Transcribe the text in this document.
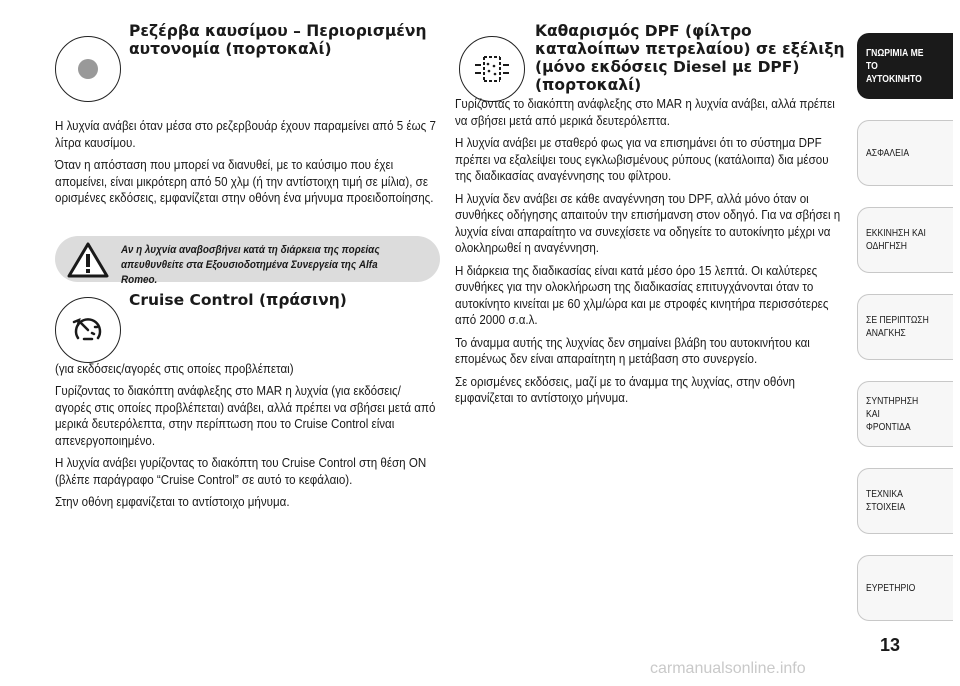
Ρεζέρβα καυσίμου – Περιορισμένη αυτονομία (πορτοκαλί)

Η λυχνία ανάβει όταν μέσα στο ρεζερβουάρ έχουν παραμείνει από 5 έως 7 λίτρα καυσίμου.

Όταν η απόσταση που μπορεί να διανυθεί, με το καύσιμο που έχει απομείνει, είναι μικρότερη από 50 χλμ (ή την αντίστοιχη τιμή σε μίλια), σε ορισμένες εκδόσεις, εμφανίζεται στην οθόνη ένα μήνυμα προειδοποίησης.

Cruise Control (πράσινη)

(για εκδόσεις/αγορές στις οποίες προβλέπεται)

Γυρίζοντας το διακόπτη ανάφλεξης στο MAR η λυχνία (για εκδόσεις/ αγορές στις οποίες προβλέπεται) ανάβει, αλλά πρέπει να σβήσει μετά από μερικά δευτερόλεπτα, στην περίπτωση που το Cruise Control είναι απενεργοποιημένο.

Η λυχνία ανάβει γυρίζοντας το διακόπτη του Cruise Control στη θέση ON (βλέπε παράγραφο “Cruise Control” σε αυτό το κεφάλαιο).

Στην οθόνη εμφανίζεται το αντίστοιχο μήνυμα.

Αν η λυχνία αναβοσβήνει κατά τη διάρκεια της πορείας απευθυνθείτε στα Εξουσιοδοτημένα Συνεργεία της Alfa Romeo.
Καθαρισμός DPF (φίλτρο καταλοίπων πετρελαίου) σε εξέλιξη (μόνο εκδόσεις Diesel με DPF) (πορτοκαλί)

Γυρίζοντας το διακόπτη ανάφλεξης στο MAR η λυχνία ανάβει, αλλά πρέπει να σβήσει μετά από μερικά δευτερόλεπτα.

Η λυχνία ανάβει με σταθερό φως για να επισημάνει ότι το σύστημα DPF πρέπει να εξαλείψει τους εγκλωβισμένους ρύπους (κατάλοιπα) δια μέσου της διαδικασίας αναγέννησης του φίλτρου.

Η λυχνία δεν ανάβει σε κάθε αναγέννηση του DPF, αλλά μόνο όταν οι συνθήκες οδήγησης απαιτούν την επισήμανση στον οδηγό. Για να σβήσει η λυχνία είναι απαραίτητο να συνεχίσετε να οδηγείτε το αυτοκίνητο μέχρι να ολοκληρωθεί η αναγέννηση.

Η διάρκεια της διαδικασίας είναι κατά μέσο όρο 15 λεπτά. Οι καλύτερες συνθήκες για την ολοκλήρωση της διαδικασίας επιτυγχάνονται όταν το αυτοκίνητο κινείται με 60 χλμ/ώρα και με στροφές κινητήρα περισσότερες από 2000 σ.α.λ.

Το άναμμα αυτής της λυχνίας δεν σημαίνει βλάβη του αυτοκινήτου και επομένως δεν είναι απαραίτητη η μετάβαση στο συνεργείο.

Σε ορισμένες εκδόσεις, μαζί με το άναμμα της λυχνίας, στην οθόνη εμφανίζεται το αντίστοιχο μήνυμα.

ΓΝΩΡΙΜΙΑ ΜΕ ΤΟ
ΑΥΤΟΚΙΝΗΤΟ
ΑΣΦΑΛΕΙΑ
ΕΚΚΙΝΗΣΗ ΚΑΙ
ΟΔΗΓΗΣΗ
ΣΕ ΠΕΡΙΠΤΩΣΗ
ΑΝΑΓΚΗΣ
ΣΥΝΤΗΡΗΣΗ ΚΑΙ
ΦΡΟΝΤΙΔΑ
ΤΕΧΝΙΚΑ ΣΤΟΙΧΕΙΑ
ΕΥΡΕΤΗΡΙΟ
13
carmanualsonline.info
